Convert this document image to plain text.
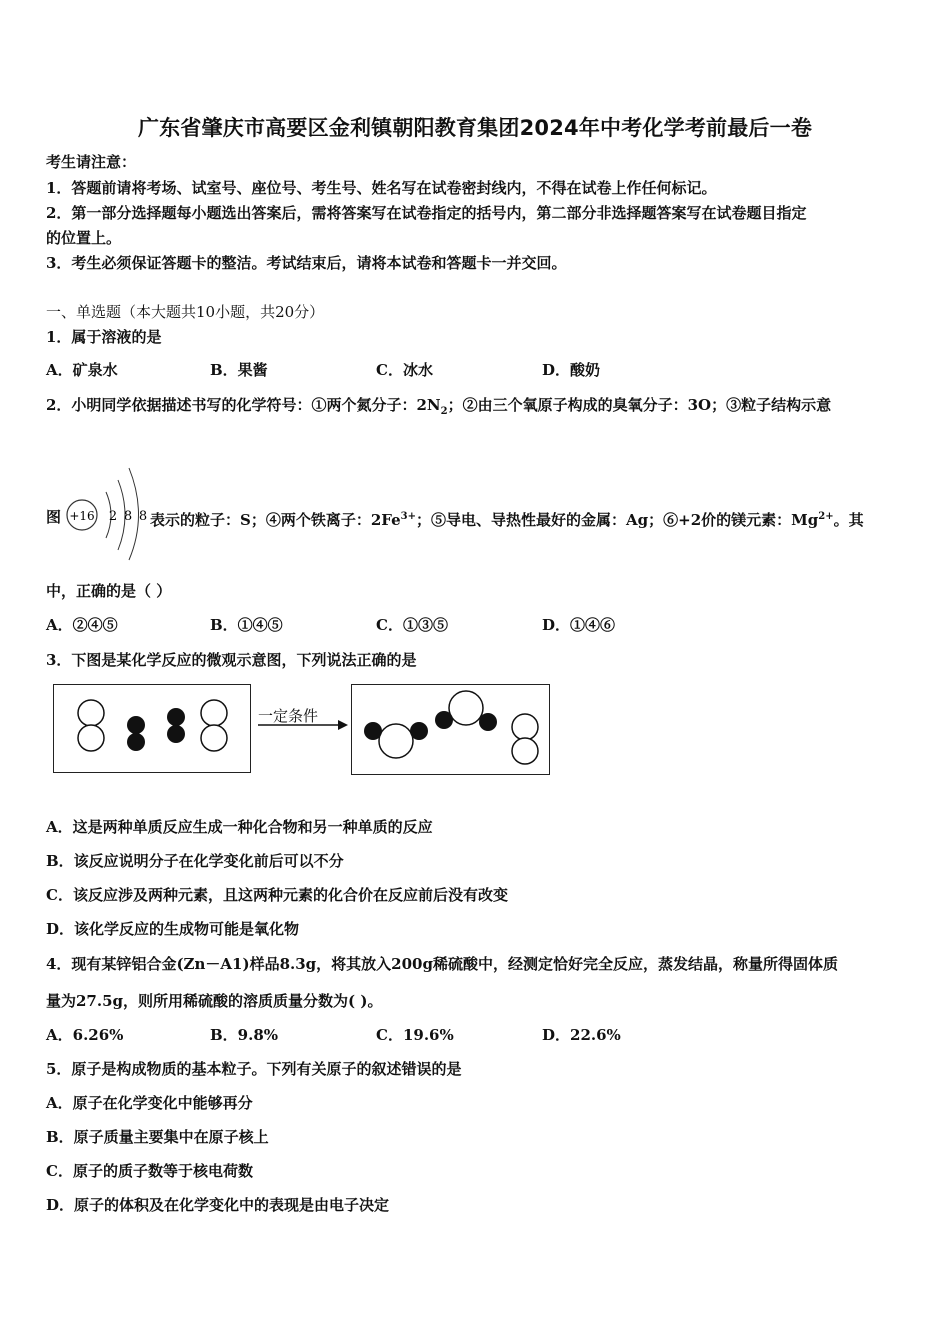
广东省肇庆市高要区金利镇朝阳教育集团2024年中考化学考前最后一卷
考生请注意：
1．答题前请将考场、试室号、座位号、考生号、姓名写在试卷密封线内，不得在试卷上作任何标记。
2．第一部分选择题每小题选出答案后，需将答案写在试卷指定的括号内，第二部分非选择题答案写在试卷题目指定
的位置上。
3．考生必须保证答题卡的整洁。考试结束后，请将本试卷和答题卡一并交回。
一、单选题（本大题共10小题，共20分）
1．属于溶液的是
A．矿泉水	B．果酱	C．冰水	D．酸奶
2．小明同学依据描述书写的化学符号：①两个氮分子：$2N_2$；②由三个氧原子构成的臭氧分子：3O；③粒子结构示意
图 +16 2 8 8 表示的粒子：S；④两个铁离子：$2Fe^{3+}$；⑤导电、导热性最好的金属：Ag；⑥+2价的镁元素：$Mg^{2+}$。其
中，正确的是（ ）
A．②④⑤	B．①④⑤	C．①③⑤	D．①④⑥
3．下图是某化学反应的微观示意图，下列说法正确的是
一定条件
A．这是两种单质反应生成一种化合物和另一种单质的反应
B．该反应说明分子在化学变化前后可以不分
C．该反应涉及两种元素，且这两种元素的化合价在反应前后没有改变
D．该化学反应的生成物可能是氧化物
4．现有某锌铝合金(Zn－A1)样品8.3g，将其放入200g稀硫酸中，经测定恰好完全反应，蒸发结晶，称量所得固体质
量为27.5g，则所用稀硫酸的溶质质量分数为( )。
A．6.26%	B．9.8%	C．19.6%	D．22.6%
5．原子是构成物质的基本粒子。下列有关原子的叙述错误的是
A．原子在化学变化中能够再分
B．原子质量主要集中在原子核上
C．原子的质子数等于核电荷数
D．原子的体积及在化学变化中的表现是由电子决定
